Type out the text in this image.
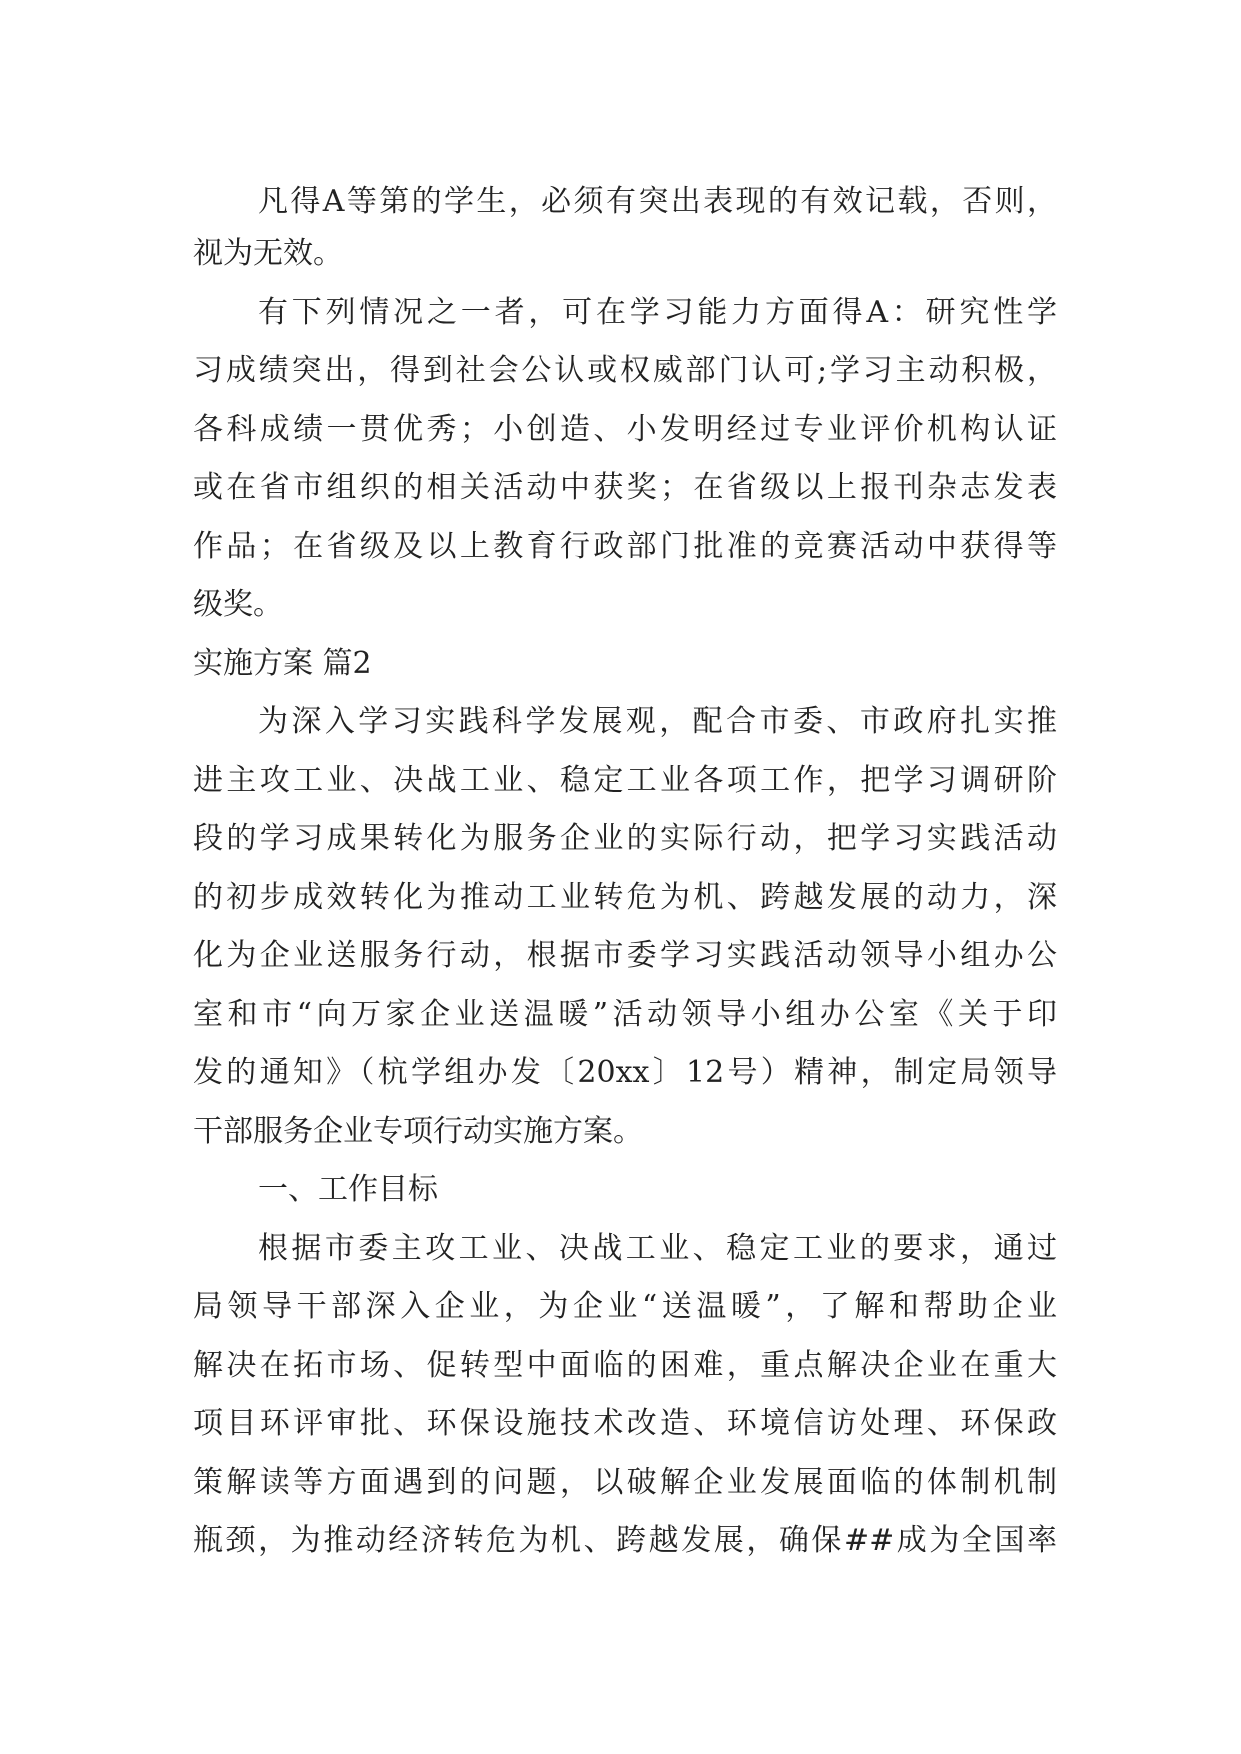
凡得A等第的学生，必须有突出表现的有效记载，否则，
视为无效。
有下列情况之一者，可在学习能力方面得A：研究性学
习成绩突出，得到社会公认或权威部门认可;学习主动积极，
各科成绩一贯优秀；小创造、小发明经过专业评价机构认证
或在省市组织的相关活动中获奖；在省级以上报刊杂志发表
作品；在省级及以上教育行政部门批准的竞赛活动中获得等
级奖。
实施方案 篇2
为深入学习实践科学发展观，配合市委、市政府扎实推
进主攻工业、决战工业、稳定工业各项工作，把学习调研阶
段的学习成果转化为服务企业的实际行动，把学习实践活动
的初步成效转化为推动工业转危为机、跨越发展的动力，深
化为企业送服务行动，根据市委学习实践活动领导小组办公
室和市“向万家企业送温暖”活动领导小组办公室《关于印
发的通知》（杭学组办发〔20xx〕12号）精神，制定局领导
干部服务企业专项行动实施方案。
一、工作目标
根据市委主攻工业、决战工业、稳定工业的要求，通过
局领导干部深入企业，为企业“送温暖”，了解和帮助企业
解决在拓市场、促转型中面临的困难，重点解决企业在重大
项目环评审批、环保设施技术改造、环境信访处理、环保政
策解读等方面遇到的问题，以破解企业发展面临的体制机制
瓶颈，为推动经济转危为机、跨越发展，确保##成为全国率
